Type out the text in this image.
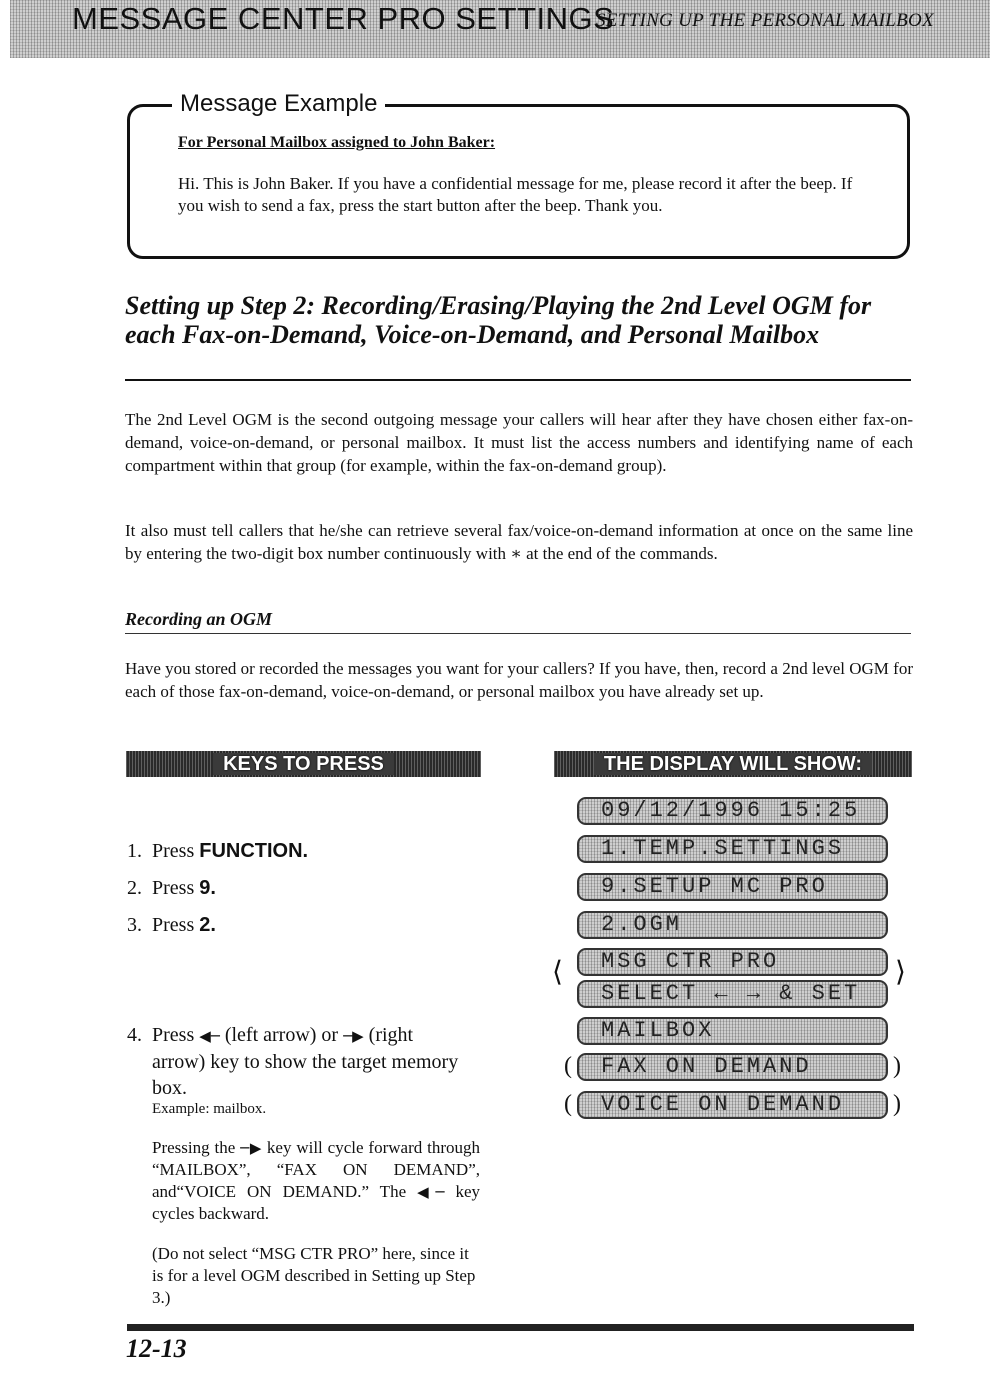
MESSAGE CENTER PRO SETTINGS
SETTING UP THE PERSONAL MAILBOX
Message Example
For Personal Mailbox assigned to John Baker:
Hi. This is John Baker. If you have a confidential message for me, please record it after the beep. If you wish to send a fax, press the start button after the beep. Thank you.
Setting up Step 2: Recording/Erasing/Playing the 2nd Level OGM for each Fax-on-Demand, Voice-on-Demand, and Personal Mailbox
The 2nd Level OGM is the second outgoing message your callers will hear after they have chosen either fax-on-demand, voice-on-demand, or personal mailbox. It must list the access numbers and identifying name of each compartment within that group (for example, within the fax-on-demand group).
It also must tell callers that he/she can retrieve several fax/voice-on-demand information at once on the same line by entering the two-digit box number continuously with ∗ at the end of the commands.
Recording an OGM
Have you stored or recorded the messages you want for your callers? If you have, then, record a 2nd level OGM for each of those fax-on-demand, voice-on-demand, or personal mailbox you have already set up.
KEYS TO PRESS	THE DISPLAY WILL SHOW:
1. Press FUNCTION.
2. Press 9.
3. Press 2.
4. Press ◀─ (left arrow) or ─▶ (right
arrow) key to show the target memory box.
Example: mailbox.
Pressing the ─▶ key will cycle forward through “MAILBOX”, “FAX ON DEMAND”, and“VOICE ON DEMAND.” The ◀─ key cycles backward.
(Do not select “MSG CTR PRO” here, since it is for a level OGM described in Setting up Step 3.)
09/12/1996 15:25
1.TEMP.SETTINGS
9.SETUP MC PRO
2.OGM
MSG CTR PRO
SELECT ← → & SET
MAILBOX
FAX ON DEMAND
VOICE ON DEMAND
⟨	⟩
(	)
(	)
12-13
